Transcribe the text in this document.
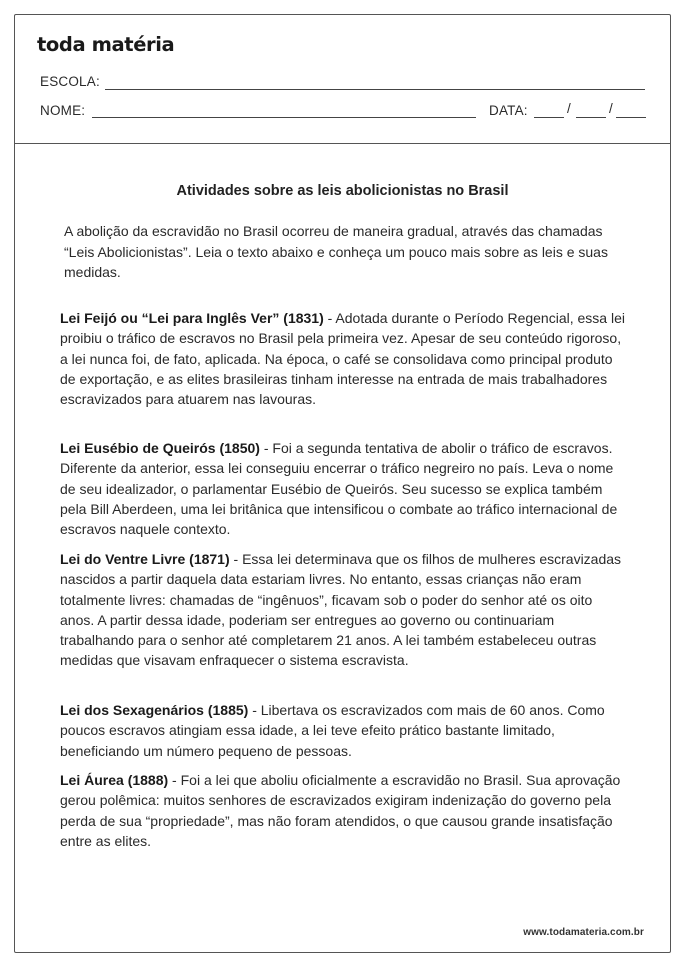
toda matéria
ESCOLA:
NOME:	DATA:	/	/
Atividades sobre as leis abolicionistas no Brasil

A abolição da escravidão no Brasil ocorreu de maneira gradual, através das chamadas “Leis Abolicionistas”. Leia o texto abaixo e conheça um pouco mais sobre as leis e suas medidas.

Lei Feijó ou “Lei para Inglês Ver” (1831) - Adotada durante o Período Regencial, essa lei proibiu o tráfico de escravos no Brasil pela primeira vez. Apesar de seu conteúdo rigoroso, a lei nunca foi, de fato, aplicada. Na época, o café se consolidava como principal produto de exportação, e as elites brasileiras tinham interesse na entrada de mais trabalhadores escravizados para atuarem nas lavouras.

Lei Eusébio de Queirós (1850) - Foi a segunda tentativa de abolir o tráfico de escravos. Diferente da anterior, essa lei conseguiu encerrar o tráfico negreiro no país. Leva o nome de seu idealizador, o parlamentar Eusébio de Queirós. Seu sucesso se explica também pela Bill Aberdeen, uma lei britânica que intensificou o combate ao tráfico internacional de escravos naquele contexto.

Lei do Ventre Livre (1871) - Essa lei determinava que os filhos de mulheres escravizadas nascidos a partir daquela data estariam livres. No entanto, essas crianças não eram totalmente livres: chamadas de “ingênuos”, ficavam sob o poder do senhor até os oito anos. A partir dessa idade, poderiam ser entregues ao governo ou continuariam trabalhando para o senhor até completarem 21 anos. A lei também estabeleceu outras medidas que visavam enfraquecer o sistema escravista.

Lei dos Sexagenários (1885) - Libertava os escravizados com mais de 60 anos. Como poucos escravos atingiam essa idade, a lei teve efeito prático bastante limitado, beneficiando um número pequeno de pessoas.

Lei Áurea (1888) - Foi a lei que aboliu oficialmente a escravidão no Brasil. Sua aprovação gerou polêmica: muitos senhores de escravizados exigiram indenização do governo pela perda de sua “propriedade”, mas não foram atendidos, o que causou grande insatisfação entre as elites.

www.todamateria.com.br
